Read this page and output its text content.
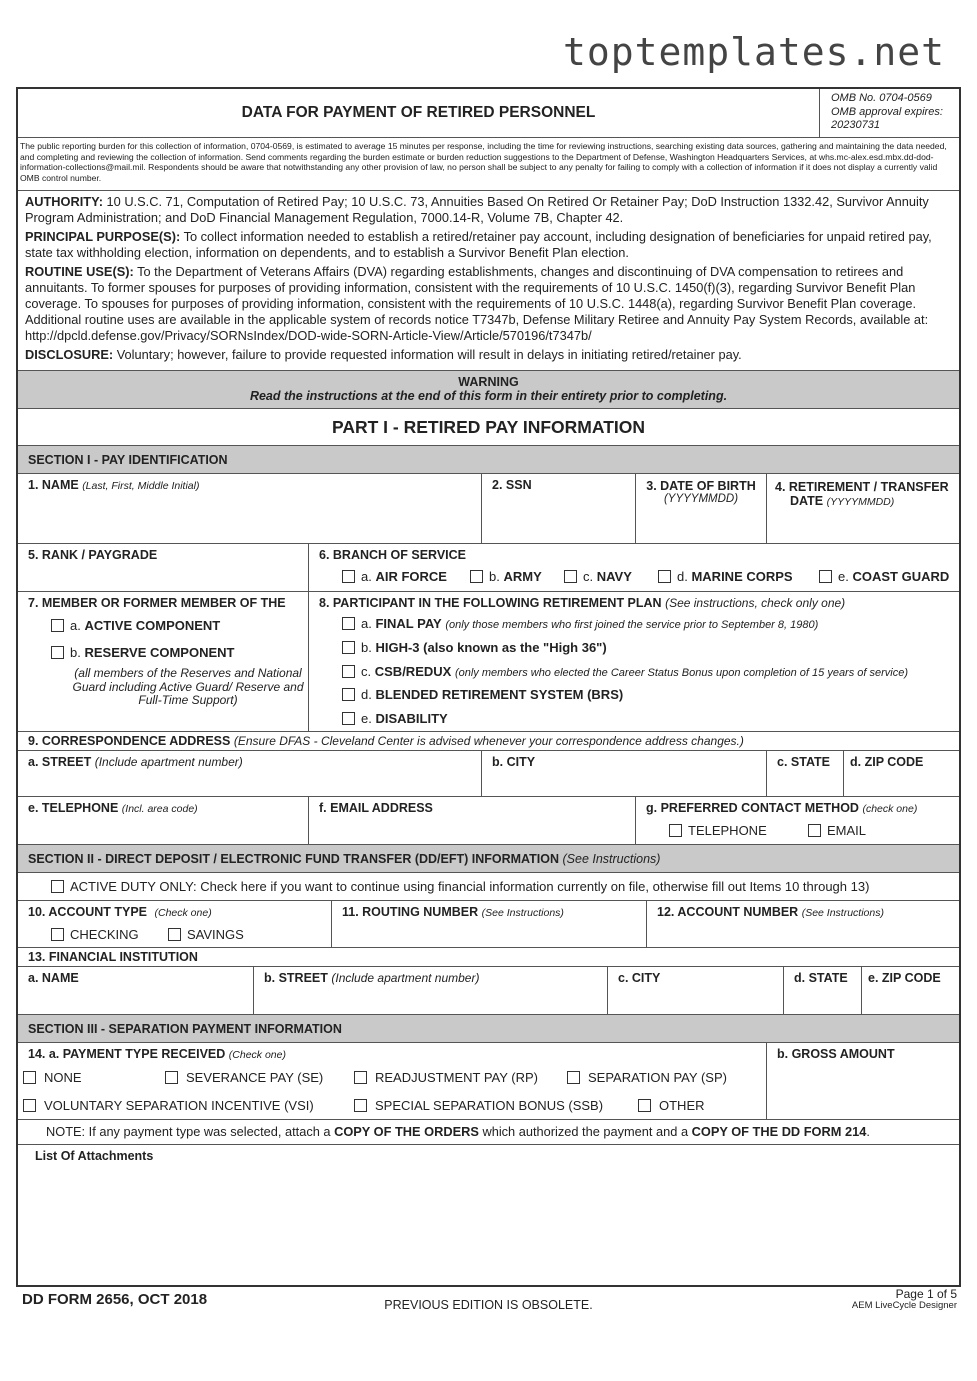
toptemplates.net
DATA FOR PAYMENT OF RETIRED PERSONNEL
OMB No. 0704-0569
OMB approval expires:
20230731
The public reporting burden for this collection of information, 0704-0569, is estimated to average 15 minutes per response, including the time for reviewing instructions, searching existing data sources, gathering and maintaining the data needed, and completing and reviewing the collection of information. Send comments regarding the burden estimate or burden reduction suggestions to the Department of Defense, Washington Headquarters Services, at whs.mc-alex.esd.mbx.dd-dod-information-collections@mail.mil. Respondents should be aware that notwithstanding any other provision of law, no person shall be subject to any penalty for failing to comply with a collection of information if it does not display a currently valid OMB control number.

AUTHORITY: 10 U.S.C. 71, Computation of Retired Pay; 10 U.S.C. 73, Annuities Based On Retired Or Retainer Pay; DoD Instruction 1332.42, Survivor Annuity Program Administration; and DoD Financial Management Regulation, 7000.14-R, Volume 7B, Chapter 42.

PRINCIPAL PURPOSE(S): To collect information needed to establish a retired/retainer pay account, including designation of beneficiaries for unpaid retired pay, state tax withholding election, information on dependents, and to establish a Survivor Benefit Plan election.

ROUTINE USE(S): To the Department of Veterans Affairs (DVA) regarding establishments, changes and discontinuing of DVA compensation to retirees and annuitants. To former spouses for purposes of providing information, consistent with the requirements of 10 U.S.C. 1450(f)(3), regarding Survivor Benefit Plan coverage. To spouses for purposes of providing information, consistent with the requirements of 10 U.S.C. 1448(a), regarding Survivor Benefit Plan coverage. Additional routine uses are available in the applicable system of records notice T7347b, Defense Military Retiree and Annuity Pay System Records, available at: http://dpcld.defense.gov/Privacy/SORNsIndex/DOD-wide-SORN-Article-View/Article/570196/t7347b/

DISCLOSURE: Voluntary; however, failure to provide requested information will result in delays in initiating retired/retainer pay.

WARNING
Read the instructions at the end of this form in their entirety prior to completing.
PART I - RETIRED PAY INFORMATION
SECTION I - PAY IDENTIFICATION
1. NAME (Last, First, Middle Initial)	2. SSN	3. DATE OF BIRTH
(YYYYMMDD)
4. RETIREMENT / TRANSFER
DATE (YYYYMMDD)
5. RANK / PAYGRADE	6. BRANCH OF SERVICE
a. AIR FORCE	b. ARMY	c. NAVY	d. MARINE CORPS	e. COAST GUARD
7. MEMBER OR FORMER MEMBER OF THE
a. ACTIVE COMPONENT
b. RESERVE COMPONENT
(all members of the Reserves and National Guard including Active Guard/ Reserve and Full-Time Support)
8. PARTICIPANT IN THE FOLLOWING RETIREMENT PLAN (See instructions, check only one)
a. FINAL PAY (only those members who first joined the service prior to September 8, 1980)
b. HIGH-3 (also known as the "High 36")
c. CSB/REDUX (only members who elected the Career Status Bonus upon completion of 15 years of service)
d. BLENDED RETIREMENT SYSTEM (BRS)
e. DISABILITY
9. CORRESPONDENCE ADDRESS (Ensure DFAS - Cleveland Center is advised whenever your correspondence address changes.)
a. STREET (Include apartment number)	b. CITY	c. STATE	d. ZIP CODE
e. TELEPHONE (Incl. area code)	f. EMAIL ADDRESS	g. PREFERRED CONTACT METHOD (check one)
TELEPHONE	EMAIL
SECTION II - DIRECT DEPOSIT / ELECTRONIC FUND TRANSFER (DD/EFT) INFORMATION (See Instructions)
ACTIVE DUTY ONLY: Check here if you want to continue using financial information currently on file, otherwise fill out Items 10 through 13)
10. ACCOUNT TYPE (Check one)
CHECKING	SAVINGS
11. ROUTING NUMBER (See Instructions)	12. ACCOUNT NUMBER (See Instructions)
13. FINANCIAL INSTITUTION
a. NAME	b. STREET (Include apartment number)	c. CITY	d. STATE	e. ZIP CODE
SECTION III - SEPARATION PAYMENT INFORMATION
14. a. PAYMENT TYPE RECEIVED (Check one)
NONE	SEVERANCE PAY (SE)	READJUSTMENT PAY (RP)	SEPARATION PAY (SP)
VOLUNTARY SEPARATION INCENTIVE (VSI)	SPECIAL SEPARATION BONUS (SSB)	OTHER
b. GROSS AMOUNT
NOTE: If any payment type was selected, attach a COPY OF THE ORDERS which authorized the payment and a COPY OF THE DD FORM 214.
List Of Attachments
DD FORM 2656, OCT 2018	PREVIOUS EDITION IS OBSOLETE.
Page 1 of 5
AEM LiveCycle Designer
